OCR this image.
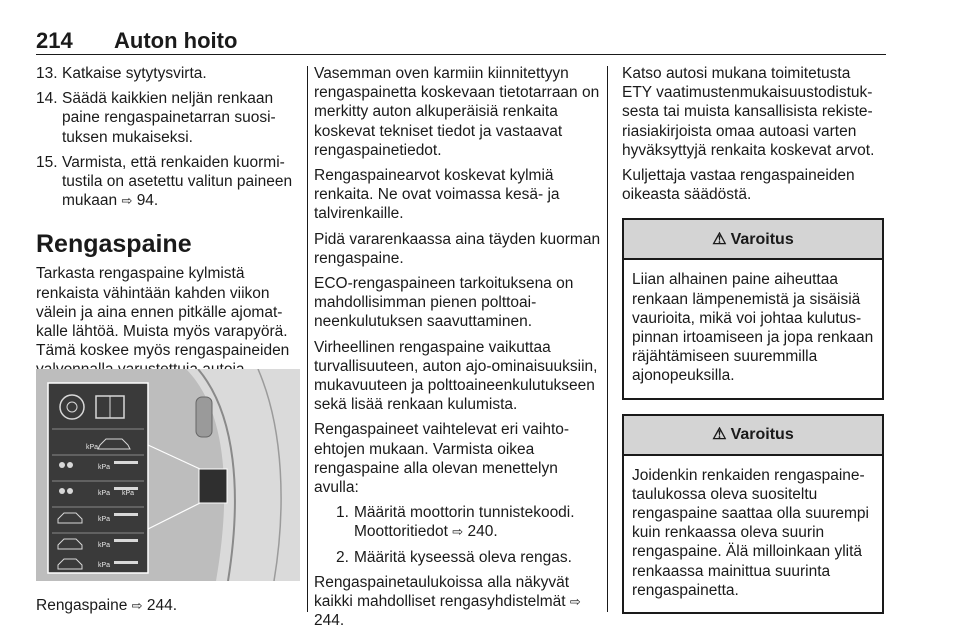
214 Auton hoito
13. Katkaise sytytysvirta.
14. Säädä kaikkien neljän renkaan paine rengaspainetarran suosituksen mukaiseksi.
15. Varmista, että renkaiden kuormitustila on asetettu valitun paineen mukaan ⇨ 94.
Rengaspaine
Tarkasta rengaspaine kylmistä renkaista vähintään kahden viikon välein ja aina ennen pitkälle ajomatkalle lähtöä. Muista myös varapyörä. Tämä koskee myös rengaspaineiden
kPa
kPa
kPa
kPa
kPa
kPa
kPa
Rengaspaine ⇨ 244.
Vasemman oven karmiin kiinnitettyyn rengaspainetta koskevaan tietotarraan on merkitty auton alkuperäisiä renkaita koskevat tekniset tiedot ja vastaavat rengaspainetiedot.
Rengaspainearvot koskevat kylmiä renkaita. Ne ovat voimassa kesä- ja talvirenkaille.
Pidä vararenkaassa aina täyden kuorman rengaspaine.
ECO-rengaspaineen tarkoituksena on mahdollisimman pienen polttoaineenkulutuksen saavuttaminen.
Virheellinen rengaspaine vaikuttaa turvallisuuteen, auton ajo-ominaisuuksiin, mukavuuteen ja polttoaineenkulutukseen sekä lisää renkaan kulumista.
Rengaspaineet vaihtelevat eri vaihtoehtojen mukaan. Varmista oikea rengaspaine alla olevan menettelyn avulla:
1. Määritä moottorin tunnistekoodi. Moottoritiedot ⇨ 240.
2. Määritä kyseessä oleva rengas.
Rengaspainetaulukoissa alla näkyvät kaikki mahdolliset rengasyhdistelmät ⇨ 244.
Katso autosi mukana toimitetusta ETY vaatimustenmukaisuustodistuksesta tai muista kansallisista rekisteriasiakirjoista omaa autoasi varten hyväksyttyjä renkaita koskevat arvot.
Kuljettaja vastaa rengaspaineiden oikeasta säädöstä.
⚠ Varoitus
Liian alhainen paine aiheuttaa renkaan lämpenemistä ja sisäisiä vaurioita, mikä voi johtaa kulutuspinnan irtoamiseen ja jopa renkaan räjähtämiseen suuremmilla ajonopeuksilla.
⚠ Varoitus
Joidenkin renkaiden rengaspainetaulukossa oleva suositeltu rengaspaine saattaa olla suurempi kuin renkaassa oleva suurin rengaspaine. Älä milloinkaan ylitä renkaassa mainittua suurinta rengaspainetta.
